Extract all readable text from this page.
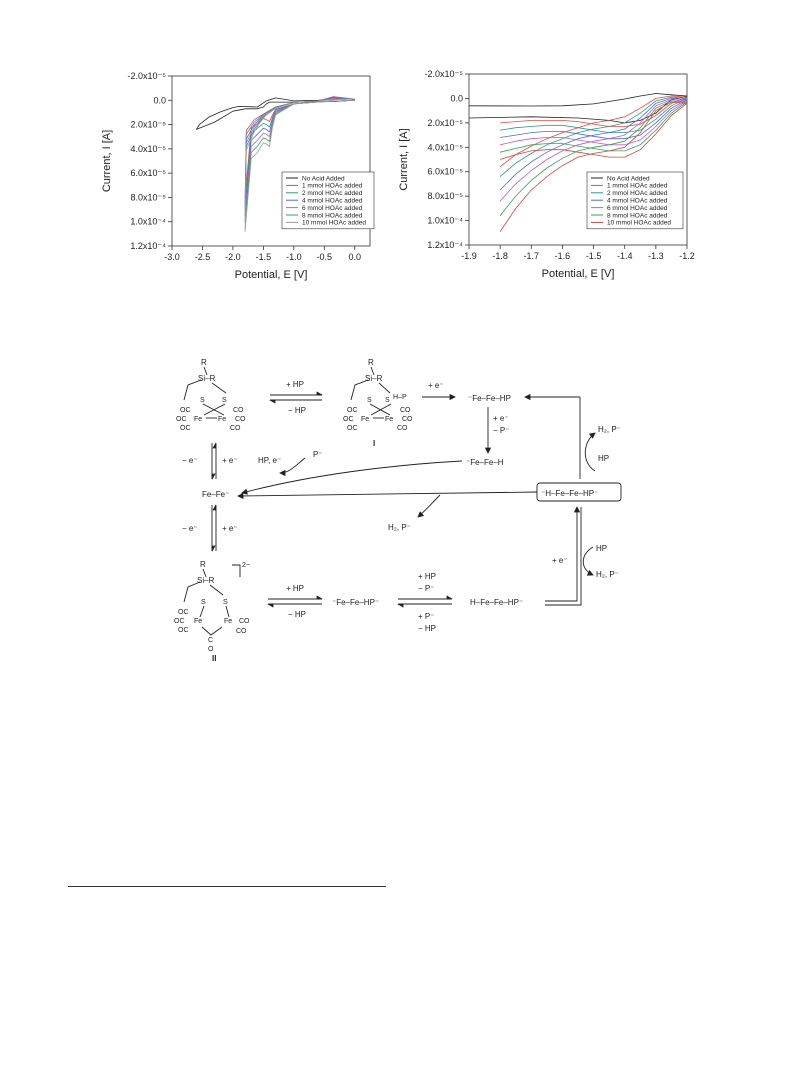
-3.0 -2.5 -2.0 -1.5 -1.0 -0.5 0.0
-2.0x10⁻⁵
0.0
2.0x10⁻⁵
4.0x10⁻⁵
6.0x10⁻⁵
8.0x10⁻⁵
1.0x10⁻⁴
1.2x10⁻⁴
Potential, E [V]
Current, I [A]	No Acid Added
1 mmol HOAc added
2 mmol HOAc added
4 mmol HOAc added
6 mmol HOAc added
8 mmol HOAc added
10 mmol HOAc added
-1.9 -1.8 -1.7 -1.6 -1.5 -1.4 -1.3 -1.2
-2.0x10⁻⁵
0.0
2.0x10⁻⁵
4.0x10⁻⁵
6.0x10⁻⁵
8.0x10⁻⁵
1.0x10⁻⁴
1.2x10⁻⁴
Potential, E [V]
Current, I [A]	No Acid Added
1 mmol HOAc added
2 mmol HOAc added
4 mmol HOAc added
6 mmol HOAc added
8 mmol HOAc added
10 mmol HOAc added
R
Si–R
S S
OC
OC
OC
Fe Fe
CO
CO
CO
+ HP
− HP
R
Si–R
S S H–P
OC
OC
OC
Fe Fe
CO
CO
CO
I
+ e⁻
⁻Fe–Fe–HP
+ e⁻
− P⁻
⁻Fe–Fe–H
H₂, P⁻
HP
HP, e⁻
P⁻
− e⁻	+ e⁻
Fe–Fe⁻	⁻H–Fe–Fe–HP⁻
H₂, P⁻
− e⁻	+ e⁻
R
Si–R
2−
S S
OC
OC
OC
Fe	Fe CO
CO
C
O
II
+ HP
− HP
⁻Fe–Fe–HP⁻
+ HP
− P⁻
+ P⁻
− HP
H–Fe–Fe–HP⁻
+ e⁻
HP
H₂, P⁻
